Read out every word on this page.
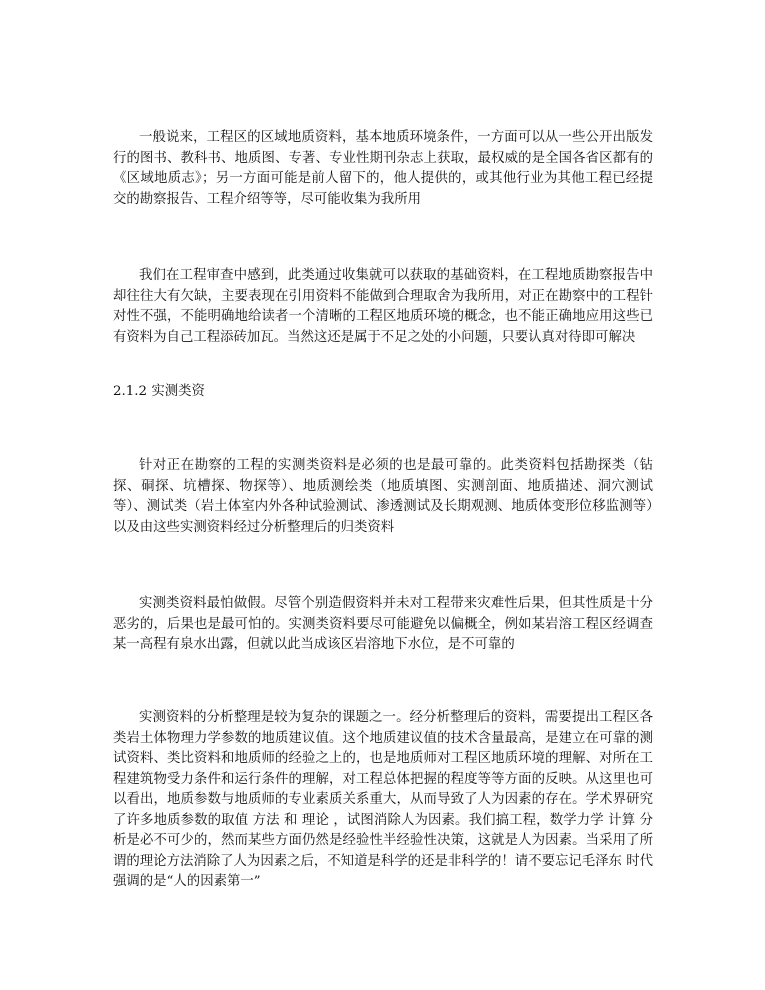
一般说来，工程区的区域地质资料，基本地质环境条件，一方面可以从一些公开出版发行的图书、教科书、地质图、专著、专业性期刊杂志上获取，最权威的是全国各省区都有的《区域地质志》；另一方面可能是前人留下的，他人提供的，或其他行业为其他工程已经提交的勘察报告、工程介绍等等，尽可能收集为我所用

我们在工程审查中感到，此类通过收集就可以获取的基础资料，在工程地质勘察报告中却往往大有欠缺，主要表现在引用资料不能做到合理取舍为我所用，对正在勘察中的工程针对性不强，不能明确地给读者一个清晰的工程区地质环境的概念，也不能正确地应用这些已有资料为自己工程添砖加瓦。当然这还是属于不足之处的小问题，只要认真对待即可解决

2.1.2 实测类资

针对正在勘察的工程的实测类资料是必须的也是最可靠的。此类资料包括勘探类（钻探、硐探、坑槽探、物探等）、地质测绘类（地质填图、实测剖面、地质描述、洞穴测试等）、测试类（岩土体室内外各种试验测试、渗透测试及长期观测、地质体变形位移监测等）以及由这些实测资料经过分析整理后的归类资料

实测类资料最怕做假。尽管个别造假资料并未对工程带来灾难性后果，但其性质是十分恶劣的，后果也是最可怕的。实测类资料要尽可能避免以偏概全，例如某岩溶工程区经调查某一高程有泉水出露，但就以此当成该区岩溶地下水位，是不可靠的

实测资料的分析整理是较为复杂的课题之一。经分析整理后的资料，需要提出工程区各类岩土体物理力学参数的地质建议值。这个地质建议值的技术含量最高，是建立在可靠的测试资料、类比资料和地质师的经验之上的，也是地质师对工程区地质环境的理解、对所在工程建筑物受力条件和运行条件的理解，对工程总体把握的程度等等方面的反映。从这里也可以看出，地质参数与地质师的专业素质关系重大，从而导致了人为因素的存在。学术界研究了许多地质参数的取值 方法 和 理论 ，试图消除人为因素。我们搞工程，数学力学 计算 分析是必不可少的，然而某些方面仍然是经验性半经验性决策，这就是人为因素。当采用了所谓的理论方法消除了人为因素之后，不知道是科学的还是非科学的！请不要忘记毛泽东 时代 强调的是“人的因素第一”
